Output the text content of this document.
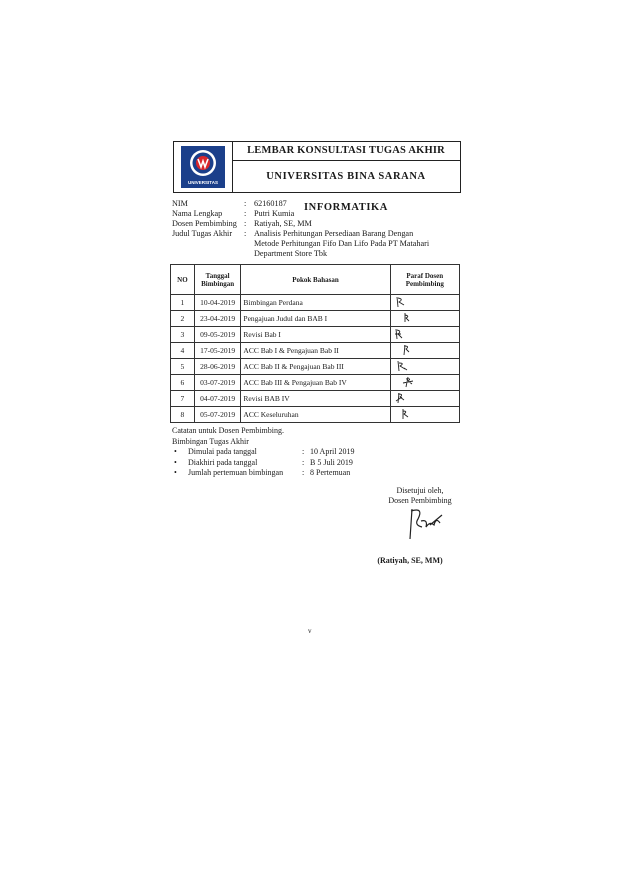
UNIVERSITAS
LEMBAR KONSULTASI TUGAS AKHIR
UNIVERSITAS BINA SARANA INFORMATIKA
NIM	: 62160187
Nama Lengkap	: Putri Kumia
Dosen Pembimbing : Ratiyah, SE, MM
Judul Tugas Akhir	: Analisis Perhitungan Persediaan Barang Dengan
Metode Perhitungan Fifo Dan Lifo Pada PT Matahari
Department Store Tbk
NO	Tanggal Bimbingan	Pokok Bahasan	Paraf Dosen Pembimbing
1	10-04-2019	Bimbingan Perdana	
2	23-04-2019	Pengajuan Judul dan BAB I	
3	09-05-2019	Revisi Bab I	
4	17-05-2019	ACC Bab I & Pengajuan Bab II	
5	28-06-2019	ACC Bab II & Pengajuan Bab III	
6	03-07-2019	ACC Bab III & Pengajuan Bab IV	
7	04-07-2019	Revisi BAB IV	
8	05-07-2019	ACC Keseluruhan	
Catatan untuk Dosen Pembimbing.
Bimbingan Tugas Akhir
•	Dimulai pada tanggal	: 10 April 2019
•	Diakhiri pada tanggal	: B 5 Juli 2019
•	Jumlah pertemuan bimbingan	: 8 Pertemuan
Disetujui oleh,
Dosen Pembimbing
(Ratiyah, SE, MM)
v
